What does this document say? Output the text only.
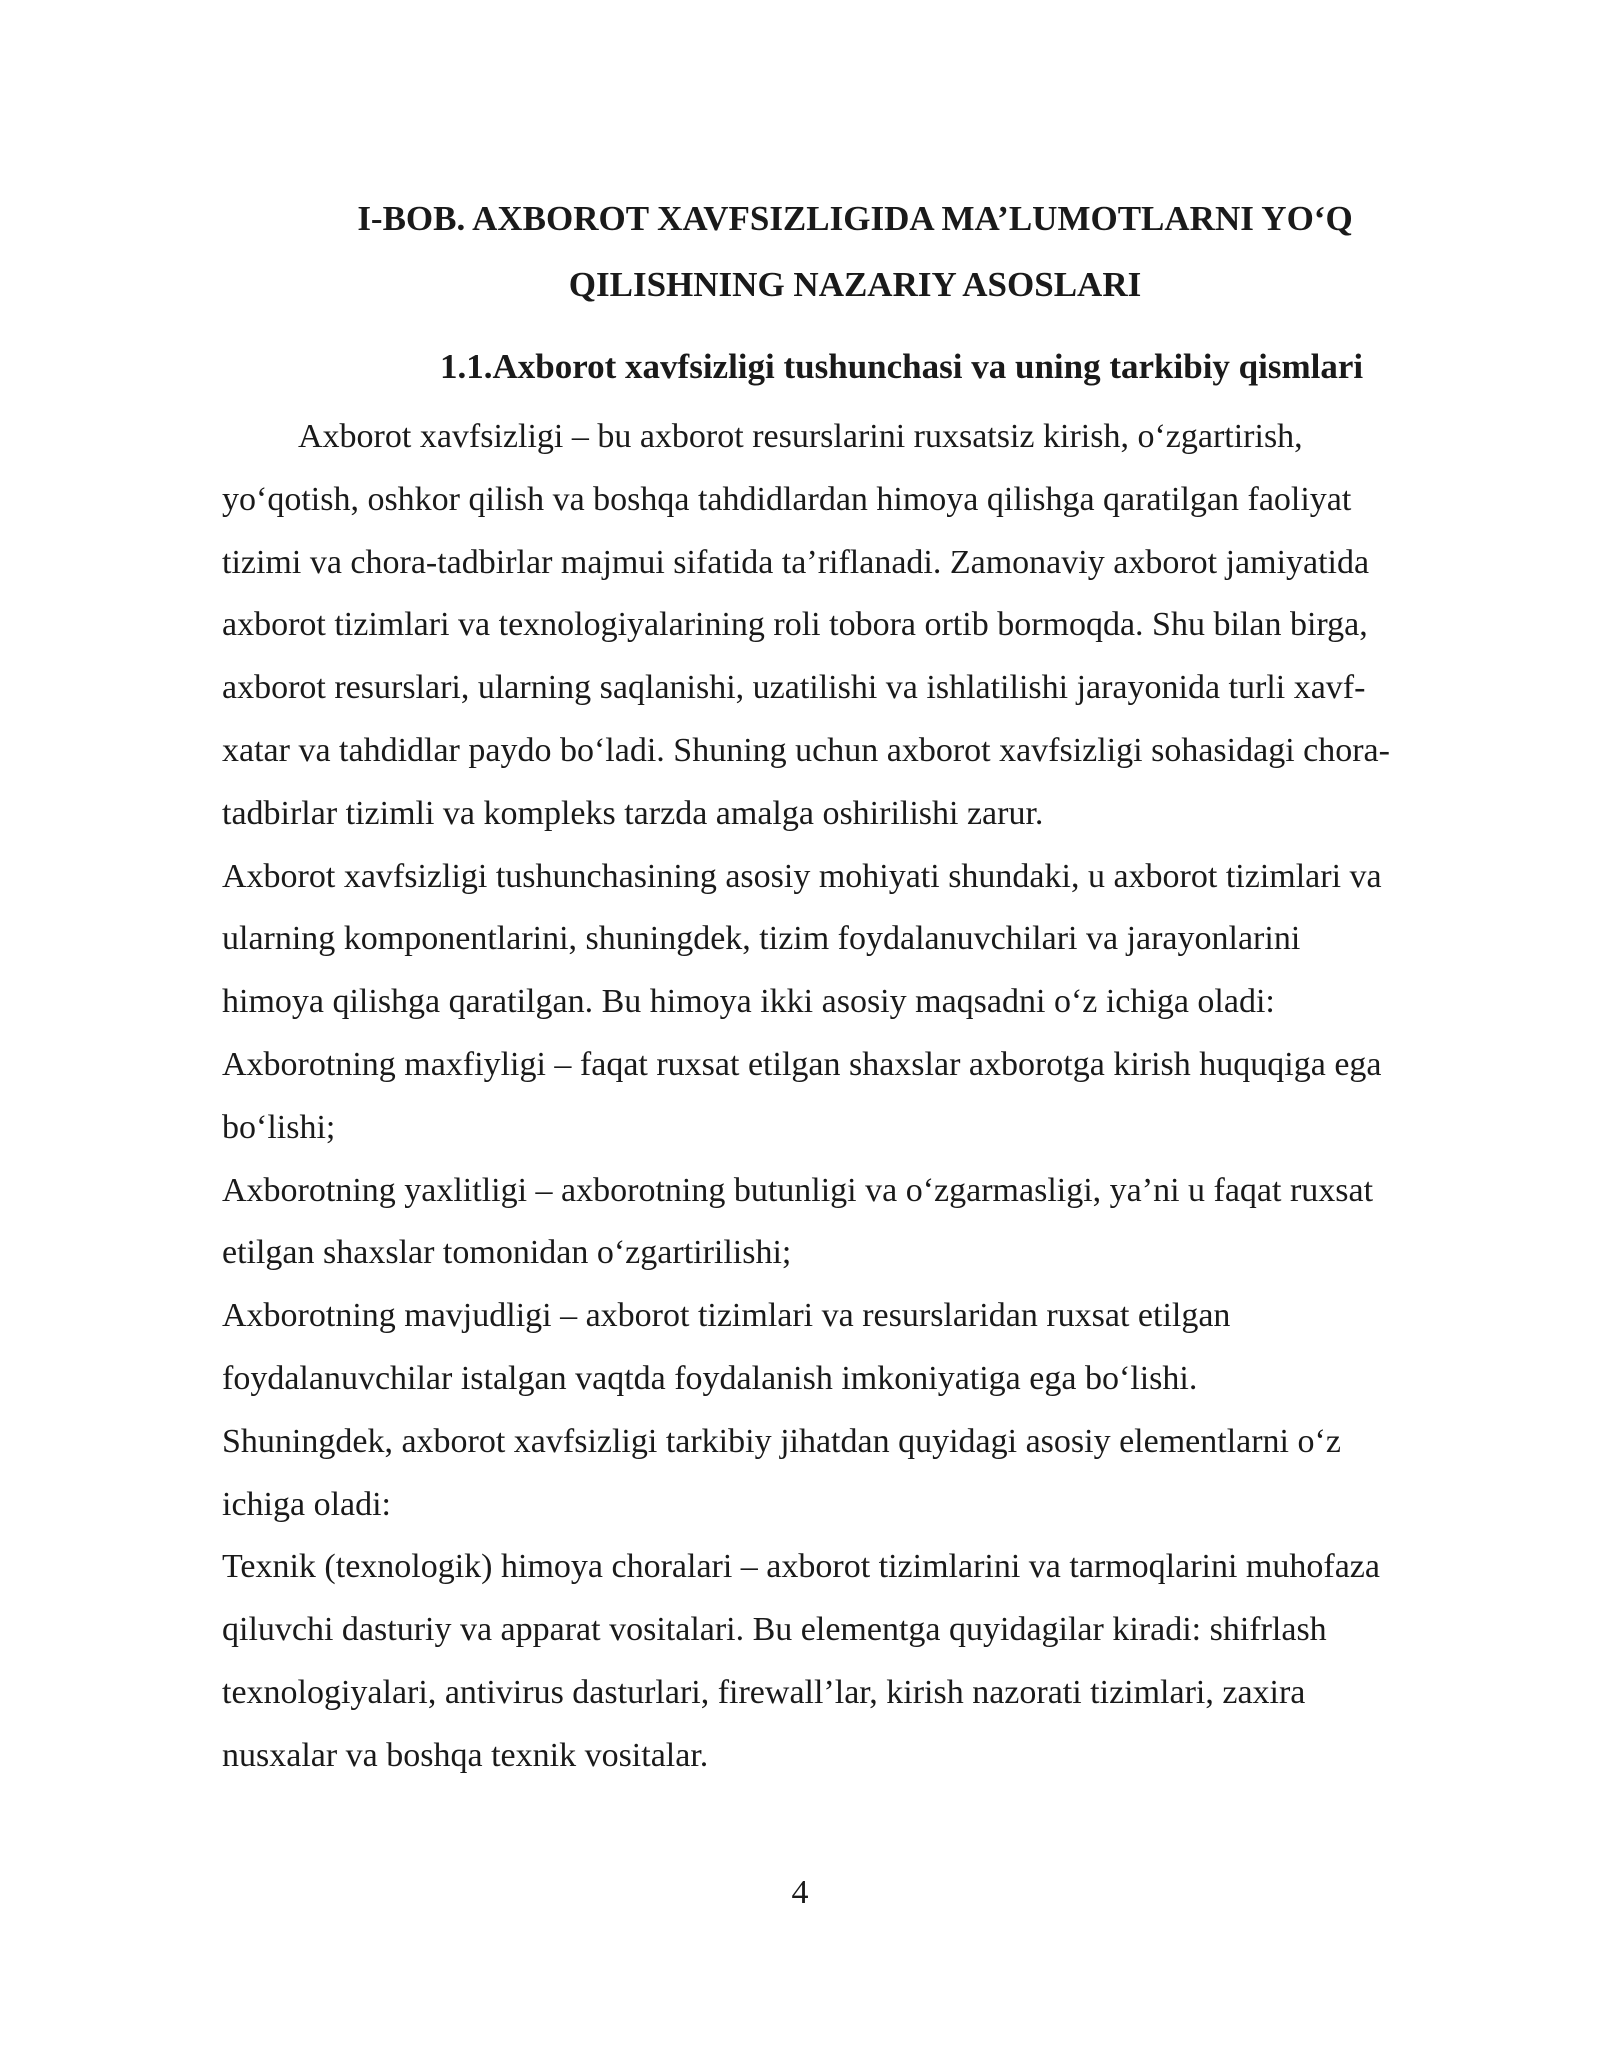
I-BOB. AXBOROT XAVFSIZLIGIDA MA’LUMOTLARNI YO‘Q
QILISHNING NAZARIY ASOSLARI
1.1.Axborot xavfsizligi tushunchasi va uning tarkibiy qismlari
Axborot xavfsizligi – bu axborot resurslarini ruxsatsiz kirish, o‘zgartirish,
yo‘qotish, oshkor qilish va boshqa tahdidlardan himoya qilishga qaratilgan faoliyat
tizimi va chora-tadbirlar majmui sifatida ta’riflanadi. Zamonaviy axborot jamiyatida
axborot tizimlari va texnologiyalarining roli tobora ortib bormoqda. Shu bilan birga,
axborot resurslari, ularning saqlanishi, uzatilishi va ishlatilishi jarayonida turli xavf-
xatar va tahdidlar paydo bo‘ladi. Shuning uchun axborot xavfsizligi sohasidagi chora-
tadbirlar tizimli va kompleks tarzda amalga oshirilishi zarur.
Axborot xavfsizligi tushunchasining asosiy mohiyati shundaki, u axborot tizimlari va
ularning komponentlarini, shuningdek, tizim foydalanuvchilari va jarayonlarini
himoya qilishga qaratilgan. Bu himoya ikki asosiy maqsadni o‘z ichiga oladi:
Axborotning maxfiyligi – faqat ruxsat etilgan shaxslar axborotga kirish huquqiga ega
bo‘lishi;
Axborotning yaxlitligi – axborotning butunligi va o‘zgarmasligi, ya’ni u faqat ruxsat
etilgan shaxslar tomonidan o‘zgartirilishi;
Axborotning mavjudligi – axborot tizimlari va resurslaridan ruxsat etilgan
foydalanuvchilar istalgan vaqtda foydalanish imkoniyatiga ega bo‘lishi.
Shuningdek, axborot xavfsizligi tarkibiy jihatdan quyidagi asosiy elementlarni o‘z
ichiga oladi:
Texnik (texnologik) himoya choralari – axborot tizimlarini va tarmoqlarini muhofaza
qiluvchi dasturiy va apparat vositalari. Bu elementga quyidagilar kiradi: shifrlash
texnologiyalari, antivirus dasturlari, firewall’lar, kirish nazorati tizimlari, zaxira
nusxalar va boshqa texnik vositalar.
4
